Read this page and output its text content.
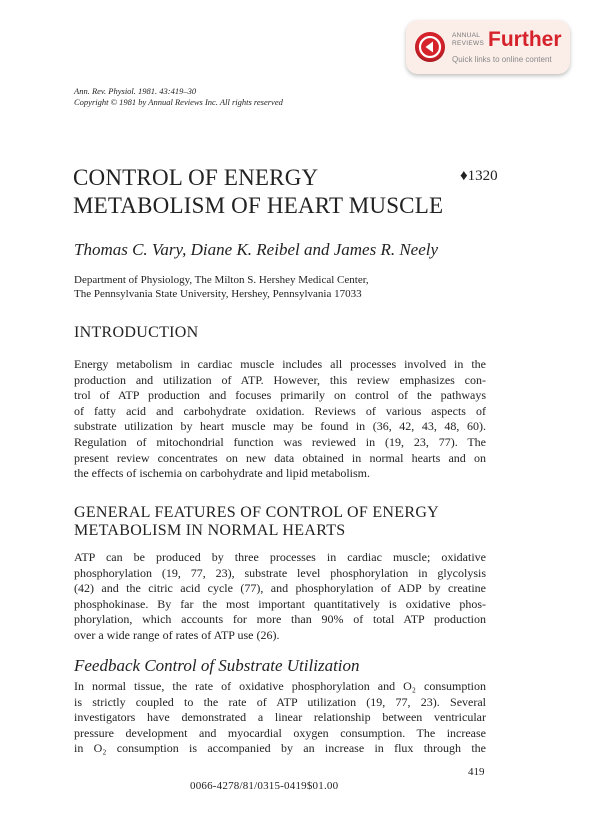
ANNUAL
REVIEWS Further
Quick links to online content
Ann. Rev. Physiol. 1981. 43:419–30
Copyright © 1981 by Annual Reviews Inc. All rights reserved
CONTROL OF ENERGY
METABOLISM OF HEART MUSCLE
♦1320
Thomas C. Vary, Diane K. Reibel and James R. Neely
Department of Physiology, The Milton S. Hershey Medical Center,
The Pennsylvania State University, Hershey, Pennsylvania 17033
INTRODUCTION
Energy metabolism in cardiac muscle includes all processes involved in the
production and utilization of ATP. However, this review emphasizes con-
trol of ATP production and focuses primarily on control of the pathways
of fatty acid and carbohydrate oxidation. Reviews of various aspects of
substrate utilization by heart muscle may be found in (36, 42, 43, 48, 60).
Regulation of mitochondrial function was reviewed in (19, 23, 77). The
present review concentrates on new data obtained in normal hearts and on
the effects of ischemia on carbohydrate and lipid metabolism.
GENERAL FEATURES OF CONTROL OF ENERGY
METABOLISM IN NORMAL HEARTS
ATP can be produced by three processes in cardiac muscle; oxidative
phosphorylation (19, 77, 23), substrate level phosphorylation in glycolysis
(42) and the citric acid cycle (77), and phosphorylation of ADP by creatine
phosphokinase. By far the most important quantitatively is oxidative phos-
phorylation, which accounts for more than 90% of total ATP production
over a wide range of rates of ATP use (26).
Feedback Control of Substrate Utilization
In normal tissue, the rate of oxidative phosphorylation and O₂ consumption
is strictly coupled to the rate of ATP utilization (19, 77, 23). Several
investigators have demonstrated a linear relationship between ventricular
pressure development and myocardial oxygen consumption. The increase
in O₂ consumption is accompanied by an increase in flux through the
419
0066-4278/81/0315-0419$01.00
